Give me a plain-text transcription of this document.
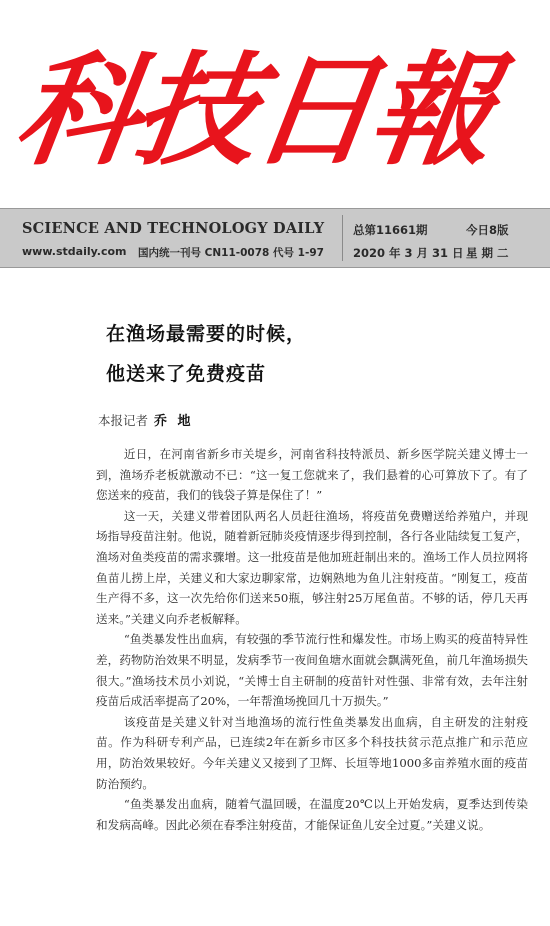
科技日報
SCIENCE AND TECHNOLOGY DAILY
www.stdaily.com 国内统一刊号 CN11-0078 代号 1-97
总第11661期	今日8版
2020 年 3 月 31 日 星 期 二
在渔场最需要的时候，
他送来了免费疫苗
本报记者 乔 地

近日，在河南省新乡市关堤乡，河南省科技特派员、新乡医学院关建义博士一到，渔场乔老板就激动不已：“这一复工您就来了，我们悬着的心可算放下了。有了您送来的疫苗，我们的钱袋子算是保住了！”

这一天，关建义带着团队两名人员赶往渔场，将疫苗免费赠送给养殖户，并现场指导疫苗注射。他说，随着新冠肺炎疫情逐步得到控制，各行各业陆续复工复产，渔场对鱼类疫苗的需求骤增。这一批疫苗是他加班赶制出来的。渔场工作人员拉网将鱼苗儿捞上岸，关建义和大家边聊家常，边娴熟地为鱼儿注射疫苗。“刚复工，疫苗生产得不多，这一次先给你们送来50瓶，够注射25万尾鱼苗。不够的话，停几天再送来。”关建义向乔老板解释。

“鱼类暴发性出血病，有较强的季节流行性和爆发性。市场上购买的疫苗特异性差，药物防治效果不明显，发病季节一夜间鱼塘水面就会飘满死鱼，前几年渔场损失很大。”渔场技术员小刘说，“关博士自主研制的疫苗针对性强、非常有效，去年注射疫苗后成活率提高了20%，一年帮渔场挽回几十万损失。”

该疫苗是关建义针对当地渔场的流行性鱼类暴发出血病，自主研发的注射疫苗。作为科研专利产品，已连续2年在新乡市区多个科技扶贫示范点推广和示范应用，防治效果较好。今年关建义又接到了卫辉、长垣等地1000多亩养殖水面的疫苗防治预约。

“鱼类暴发出血病，随着气温回暖，在温度20℃以上开始发病，夏季达到传染和发病高峰。因此必须在春季注射疫苗，才能保证鱼儿安全过夏。”关建义说。
